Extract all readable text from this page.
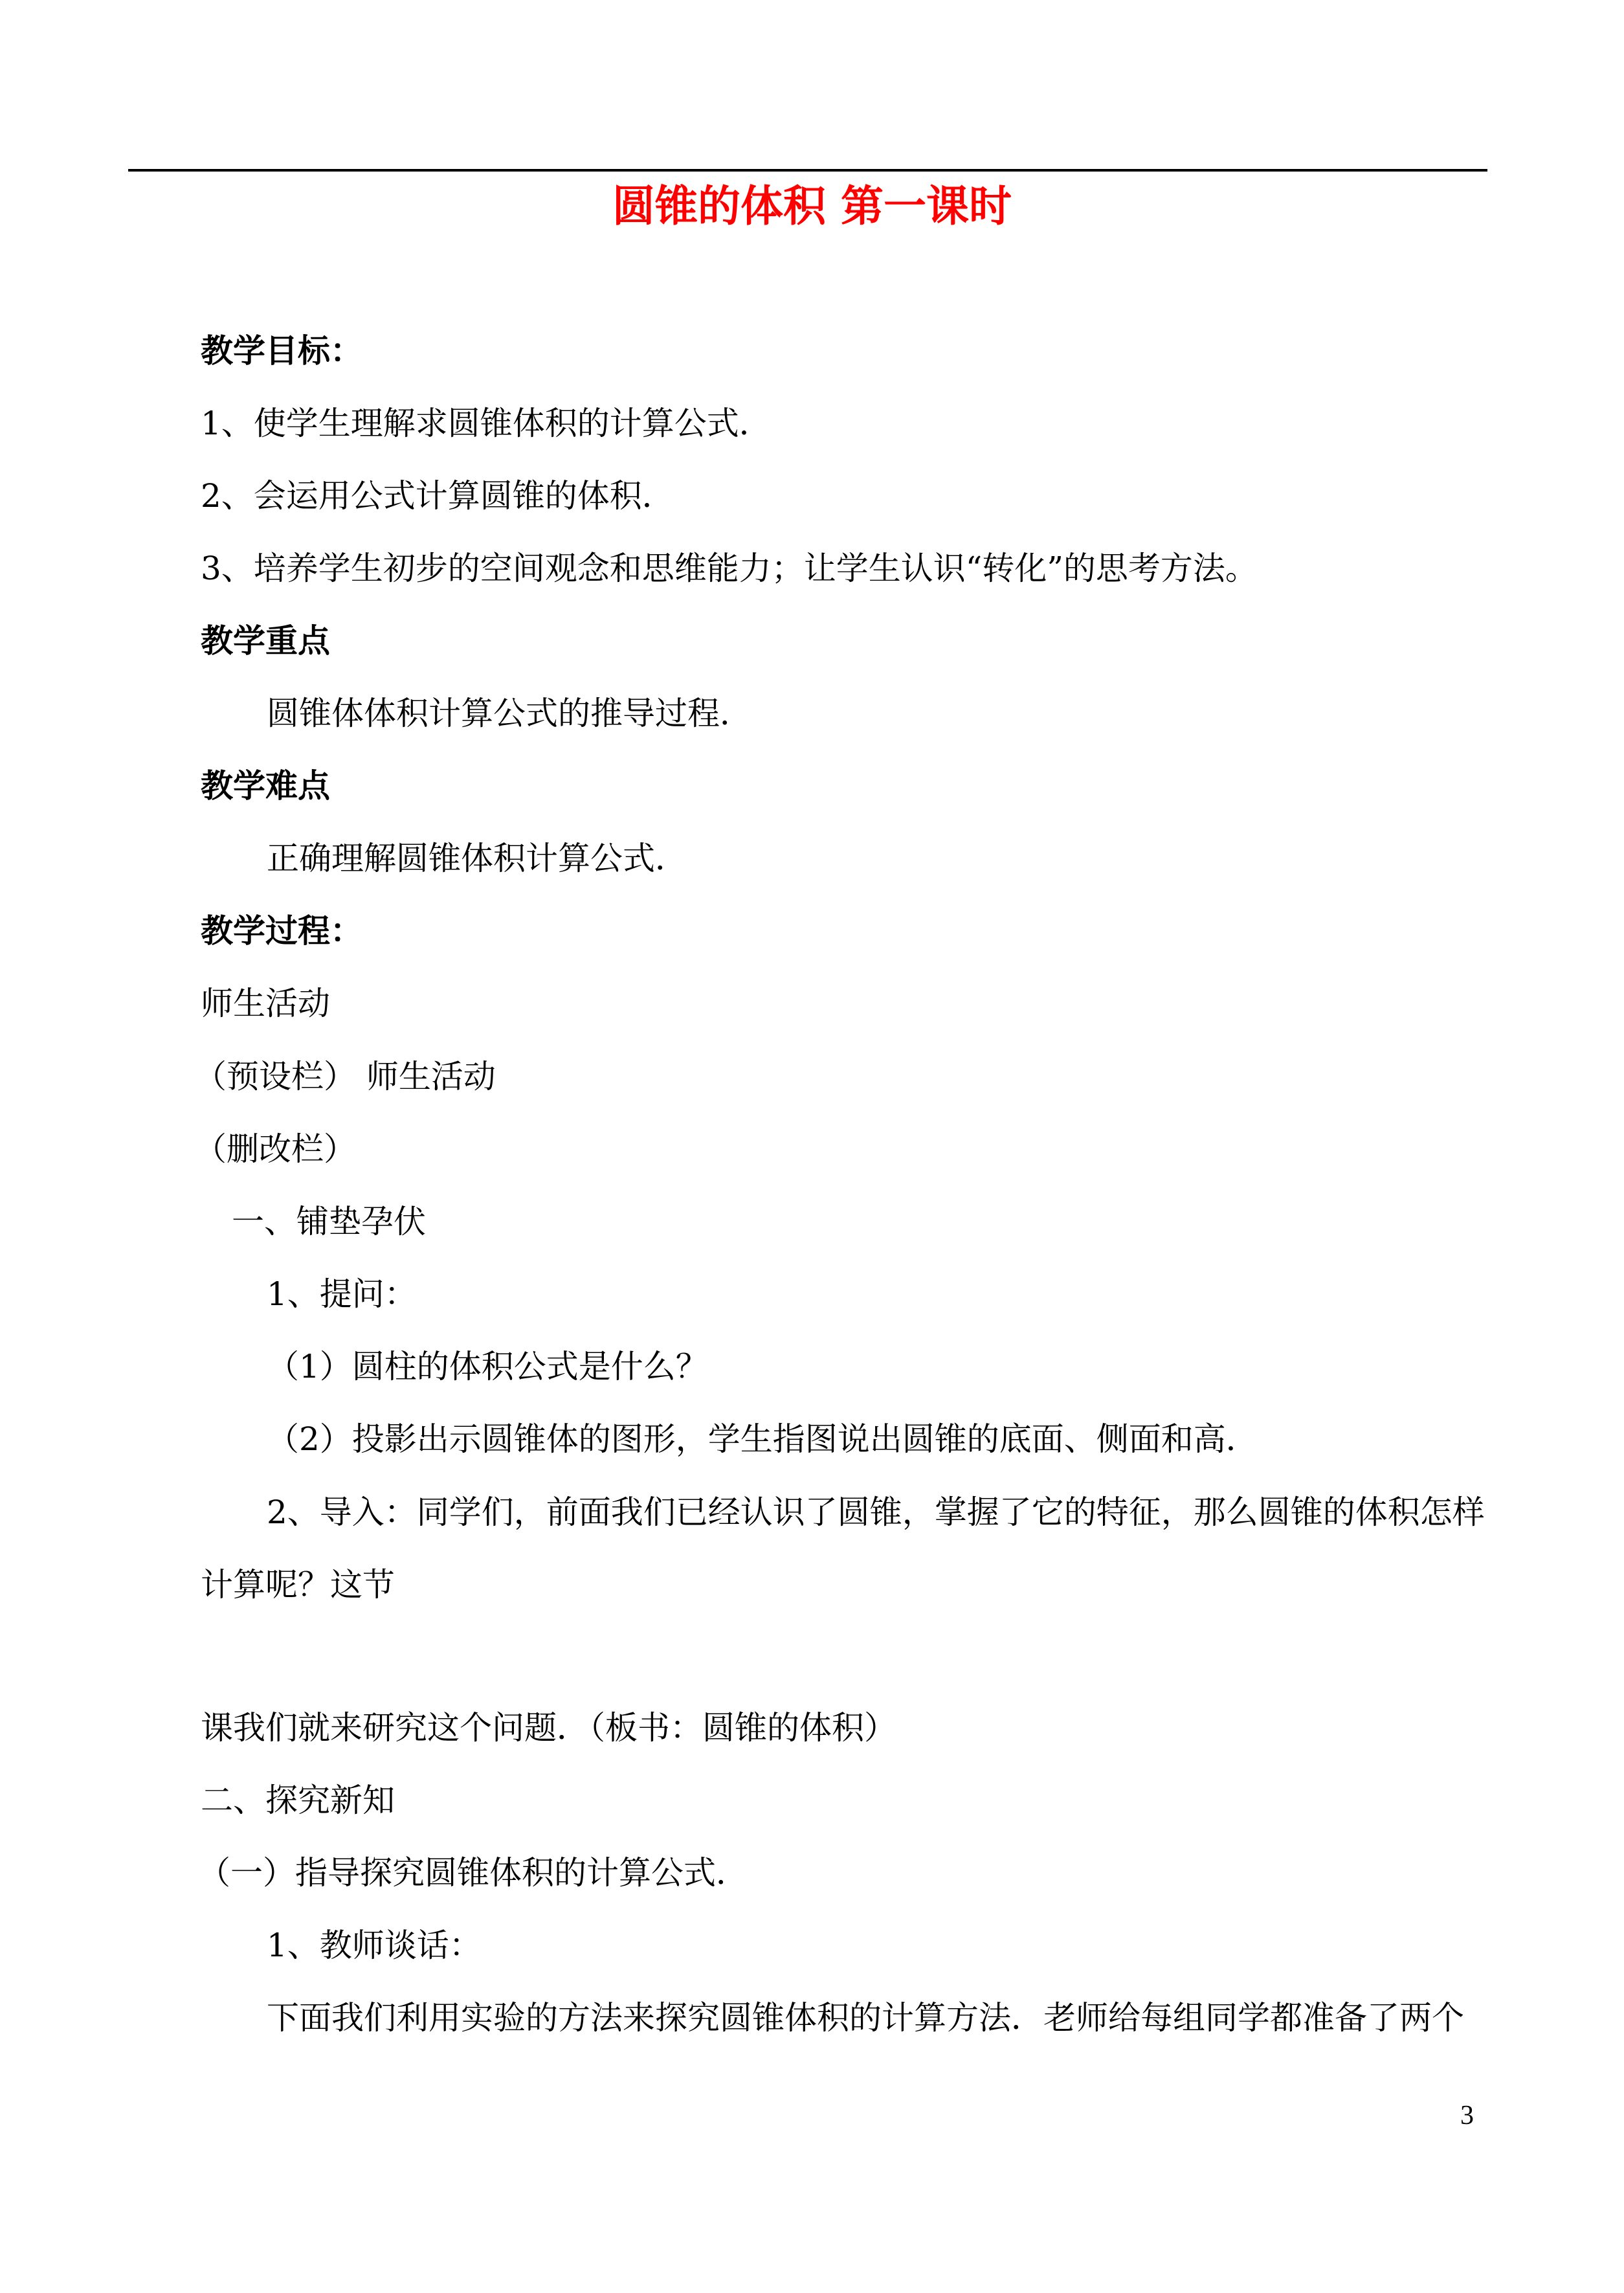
圆锥的体积 第一课时
教学目标：
1、使学生理解求圆锥体积的计算公式．
2、会运用公式计算圆锥的体积．
3、培养学生初步的空间观念和思维能力；让学生认识“转化”的思考方法。
教学重点
圆锥体体积计算公式的推导过程．
教学难点
正确理解圆锥体积计算公式．
教学过程：
师生活动
（预设栏） 师生活动
（删改栏）
一、铺垫孕伏
1、提问：
（1）圆柱的体积公式是什么？
（2）投影出示圆锥体的图形，学生指图说出圆锥的底面、侧面和高．
2、导入：同学们，前面我们已经认识了圆锥，掌握了它的特征，那么圆锥的体积怎样
计算呢？这节
课我们就来研究这个问题．（板书：圆锥的体积）
二、探究新知
（一）指导探究圆锥体积的计算公式．
1、教师谈话：
下面我们利用实验的方法来探究圆锥体积的计算方法．老师给每组同学都准备了两个
3
